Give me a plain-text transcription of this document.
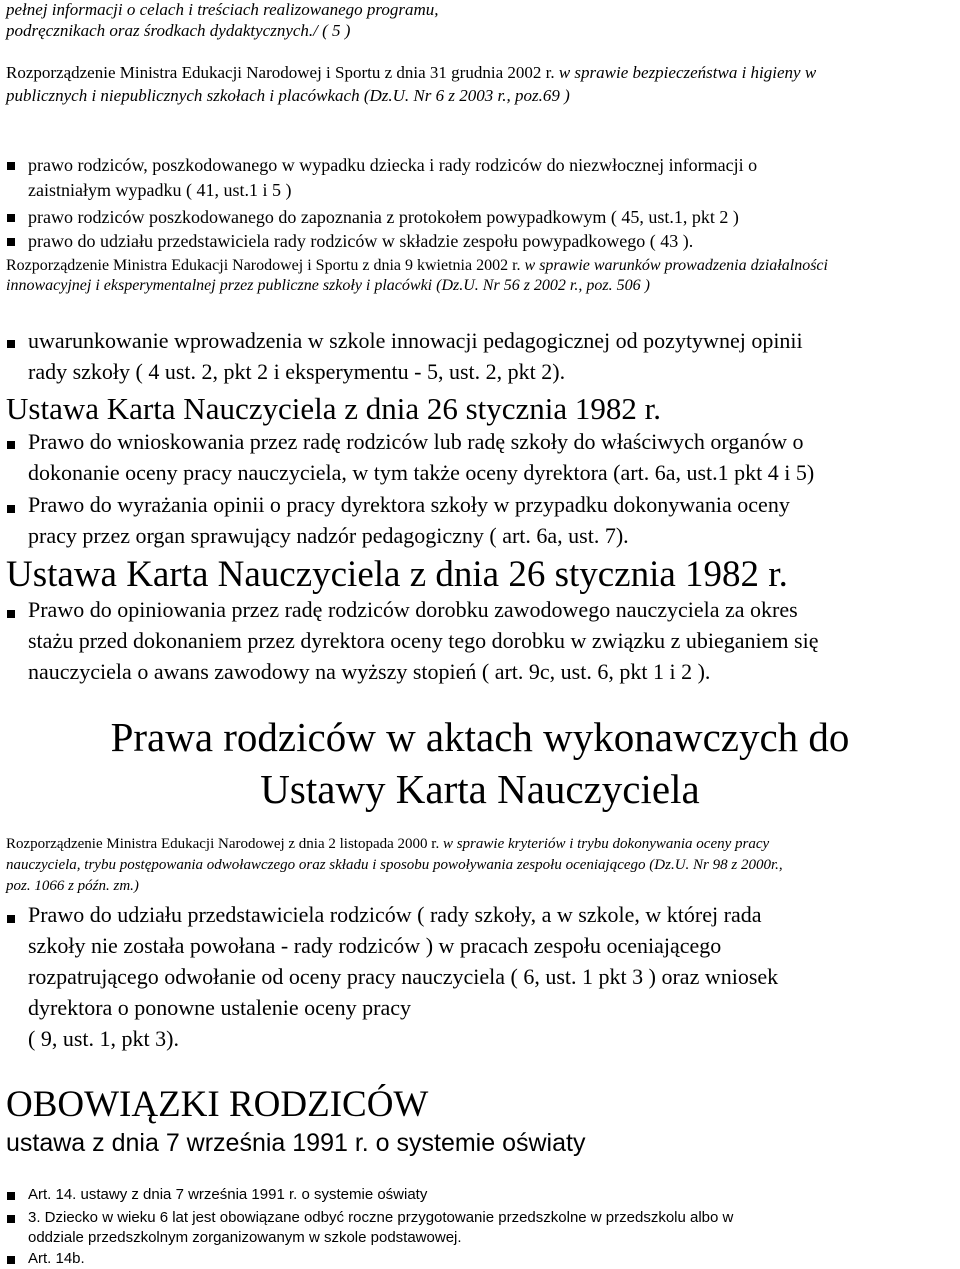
pełnej informacji o celach i treściach realizowanego programu,
podręcznikach oraz środkach dydaktycznych./ ( 5 )
Rozporządzenie Ministra Edukacji Narodowej i Sportu z dnia 31 grudnia 2002 r. w sprawie bezpieczeństwa i higieny w
publicznych i niepublicznych szkołach i placówkach (Dz.U. Nr 6 z 2003 r., poz.69 )
prawo rodziców, poszkodowanego w wypadku dziecka i rady rodziców do niezwłocznej informacji o
zaistniałym wypadku ( 41, ust.1 i 5 )
prawo rodziców poszkodowanego do zapoznania z protokołem powypadkowym ( 45, ust.1, pkt 2 )
prawo do udziału przedstawiciela rady rodziców w składzie zespołu powypadkowego ( 43 ).
Rozporządzenie Ministra Edukacji Narodowej i Sportu z dnia 9 kwietnia 2002 r. w sprawie warunków prowadzenia działalności
innowacyjnej i eksperymentalnej przez publiczne szkoły i placówki (Dz.U. Nr 56 z 2002 r., poz. 506 )
uwarunkowanie wprowadzenia w szkole innowacji pedagogicznej od pozytywnej opinii
rady szkoły ( 4 ust. 2, pkt 2 i eksperymentu - 5, ust. 2, pkt 2).
Ustawa Karta Nauczyciela z dnia 26 stycznia 1982 r.
Prawo do wnioskowania przez radę rodziców lub radę szkoły do właściwych organów o
dokonanie oceny pracy nauczyciela, w tym także oceny dyrektora (art. 6a, ust.1 pkt 4 i 5)
Prawo do wyrażania opinii o pracy dyrektora szkoły w przypadku dokonywania oceny
pracy przez organ sprawujący nadzór pedagogiczny ( art. 6a, ust. 7).
Ustawa Karta Nauczyciela z dnia 26 stycznia 1982 r.
Prawo do opiniowania przez radę rodziców dorobku zawodowego nauczyciela za okres
stażu przed dokonaniem przez dyrektora oceny tego dorobku w związku z ubieganiem się
nauczyciela o awans zawodowy na wyższy stopień ( art. 9c, ust. 6, pkt 1 i 2 ).
Prawa rodziców w aktach wykonawczych do
Ustawy Karta Nauczyciela
Rozporządzenie Ministra Edukacji Narodowej z dnia 2 listopada 2000 r. w sprawie kryteriów i trybu dokonywania oceny pracy
nauczyciela, trybu postępowania odwoławczego oraz składu i sposobu powoływania zespołu oceniającego (Dz.U. Nr 98 z 2000r.,
poz. 1066 z późn. zm.)
Prawo do udziału przedstawiciela rodziców ( rady szkoły, a w szkole, w której rada
szkoły nie została powołana - rady rodziców ) w pracach zespołu oceniającego
rozpatrującego odwołanie od oceny pracy nauczyciela ( 6, ust. 1 pkt 3 ) oraz wniosek
dyrektora o ponowne ustalenie oceny pracy
( 9, ust. 1, pkt 3).
OBOWIĄZKI RODZICÓW
ustawa z dnia 7 września 1991 r. o systemie oświaty
Art. 14. ustawy z dnia 7 września 1991 r. o systemie oświaty
3. Dziecko w wieku 6 lat jest obowiązane odbyć roczne przygotowanie przedszkolne w przedszkolu albo w
oddziale przedszkolnym zorganizowanym w szkole podstawowej.
Art. 14b.
